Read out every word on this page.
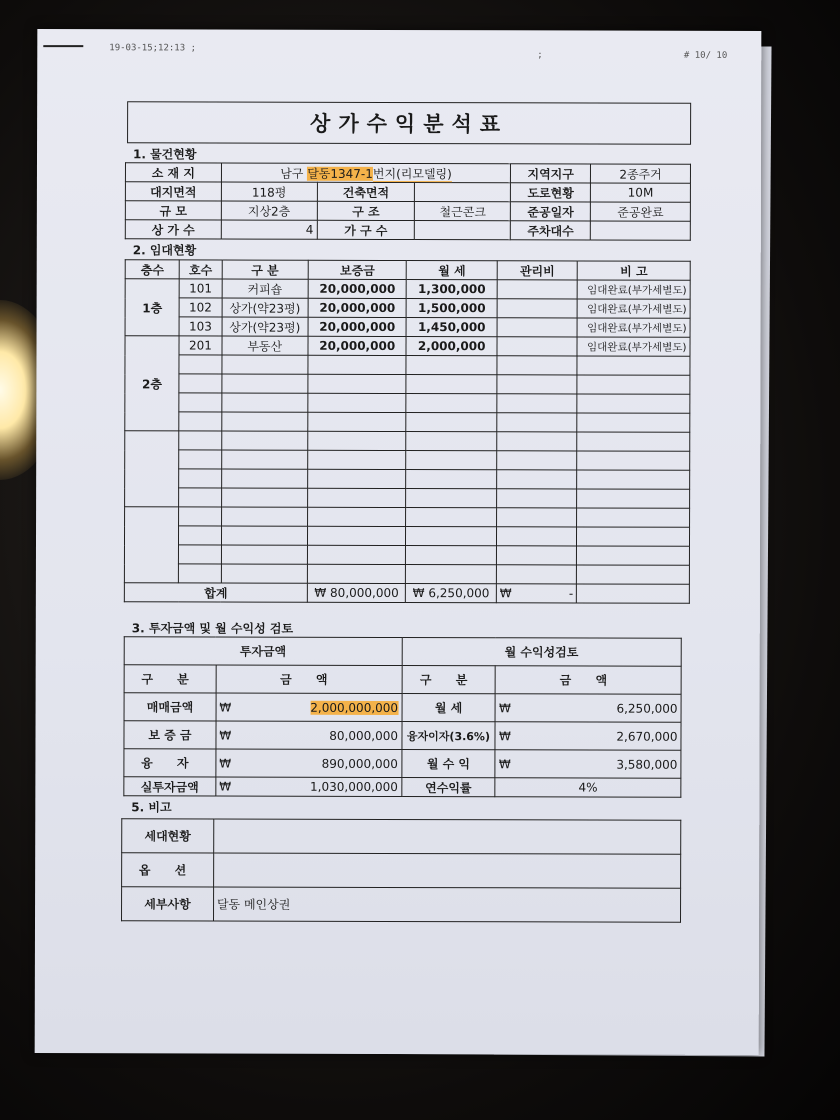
19-03-15;12:13 ;
;	# 10/ 10
상가수익분석표
1. 물건현황
소 재 지	남구 달동1347-1번지(리모델링)			지역지구	2종주거
대지면적	118평	건축면적		도로현황	10M
규 모	지상2층	구 조	철근콘크	준공일자	준공완료
상 가 수	4	가 구 수		주차대수	
2. 임대현황
층수	호수	구 분	보증금	월 세	관리비	비 고
1층	101	커피숍	20,000,000	1,300,000		임대완료(부가세별도)
	102	상가(약23평)	20,000,000	1,500,000		임대완료(부가세별도)
	103	상가(약23평)	20,000,000	1,450,000		임대완료(부가세별도)
2층	201	부동산	20,000,000	2,000,000		임대완료(부가세별도)

합계			₩ 80,000,000	₩ 6,250,000	₩ -	

3. 투자금액 및 월 수익성 검토
투자금액		월 수익성검토	
구 분	금 액	구 분	금 액
매매금액	₩ 2,000,000,000	월 세	₩ 6,250,000

보 증 금	₩ 80,000,000	융자이자(3.6%)	₩ 2,670,000

융 자	₩ 890,000,000	월 수 익	₩ 3,580,000

실투자금액	₩ 1,030,000,000	연수익률	4%
5. 비고
세대현황	
옵 션	
세부사항	달동 메인상권
